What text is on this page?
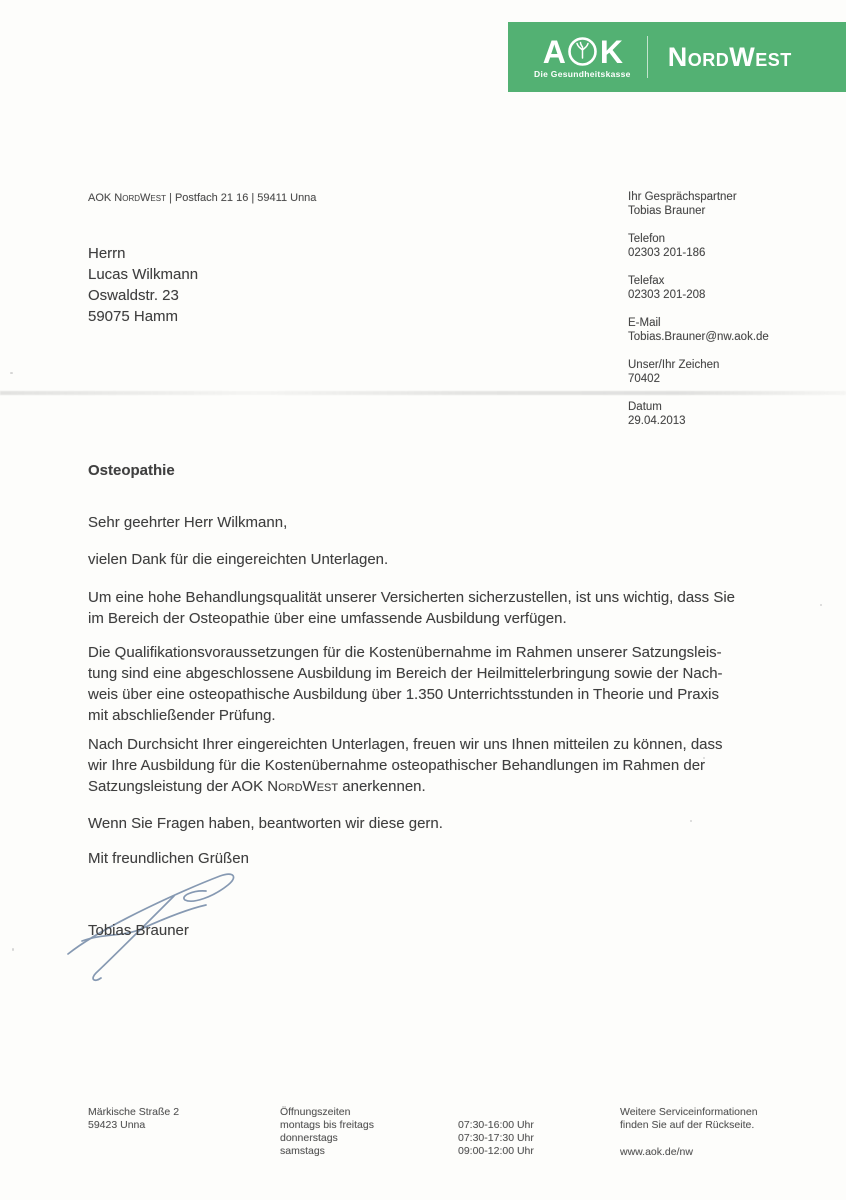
A K
Die Gesundheitskasse
N ORD W EST
AOK NordWest | Postfach 21 16 | 59411 Unna
Herrn
Lucas Wilkmann
Oswaldstr. 23
59075 Hamm
Ihr Gesprächspartner
Tobias Brauner
Telefon
02303 201-186
Telefax
02303 201-208
E-Mail
Tobias.Brauner@nw.aok.de
Unser/Ihr Zeichen
70402
Datum
29.04.2013
Osteopathie
Sehr geehrter Herr Wilkmann,
vielen Dank für die eingereichten Unterlagen.
Um eine hohe Behandlungsqualität unserer Versicherten sicherzustellen, ist uns wichtig, dass Sie
im Bereich der Osteopathie über eine umfassende Ausbildung verfügen.
Die Qualifikationsvoraussetzungen für die Kostenübernahme im Rahmen unserer Satzungsleis-
tung sind eine abgeschlossene Ausbildung im Bereich der Heilmittelerbringung sowie der Nach-
weis über eine osteopathische Ausbildung über 1.350 Unterrichtsstunden in Theorie und Praxis
mit abschließender Prüfung.
Nach Durchsicht Ihrer eingereichten Unterlagen, freuen wir uns Ihnen mitteilen zu können, dass
wir Ihre Ausbildung für die Kostenübernahme osteopathischer Behandlungen im Rahmen der
Satzungsleistung der AOK NordWest anerkennen.
Wenn Sie Fragen haben, beantworten wir diese gern.
Mit freundlichen Grüßen
Tobias Brauner
Märkische Straße 2
59423 Unna
Öffnungszeiten
montags bis freitags
donnerstags
samstags
07:30-16:00 Uhr
07:30-17:30 Uhr
09:00-12:00 Uhr
Weitere Serviceinformationen
finden Sie auf der Rückseite.
www.aok.de/nw
